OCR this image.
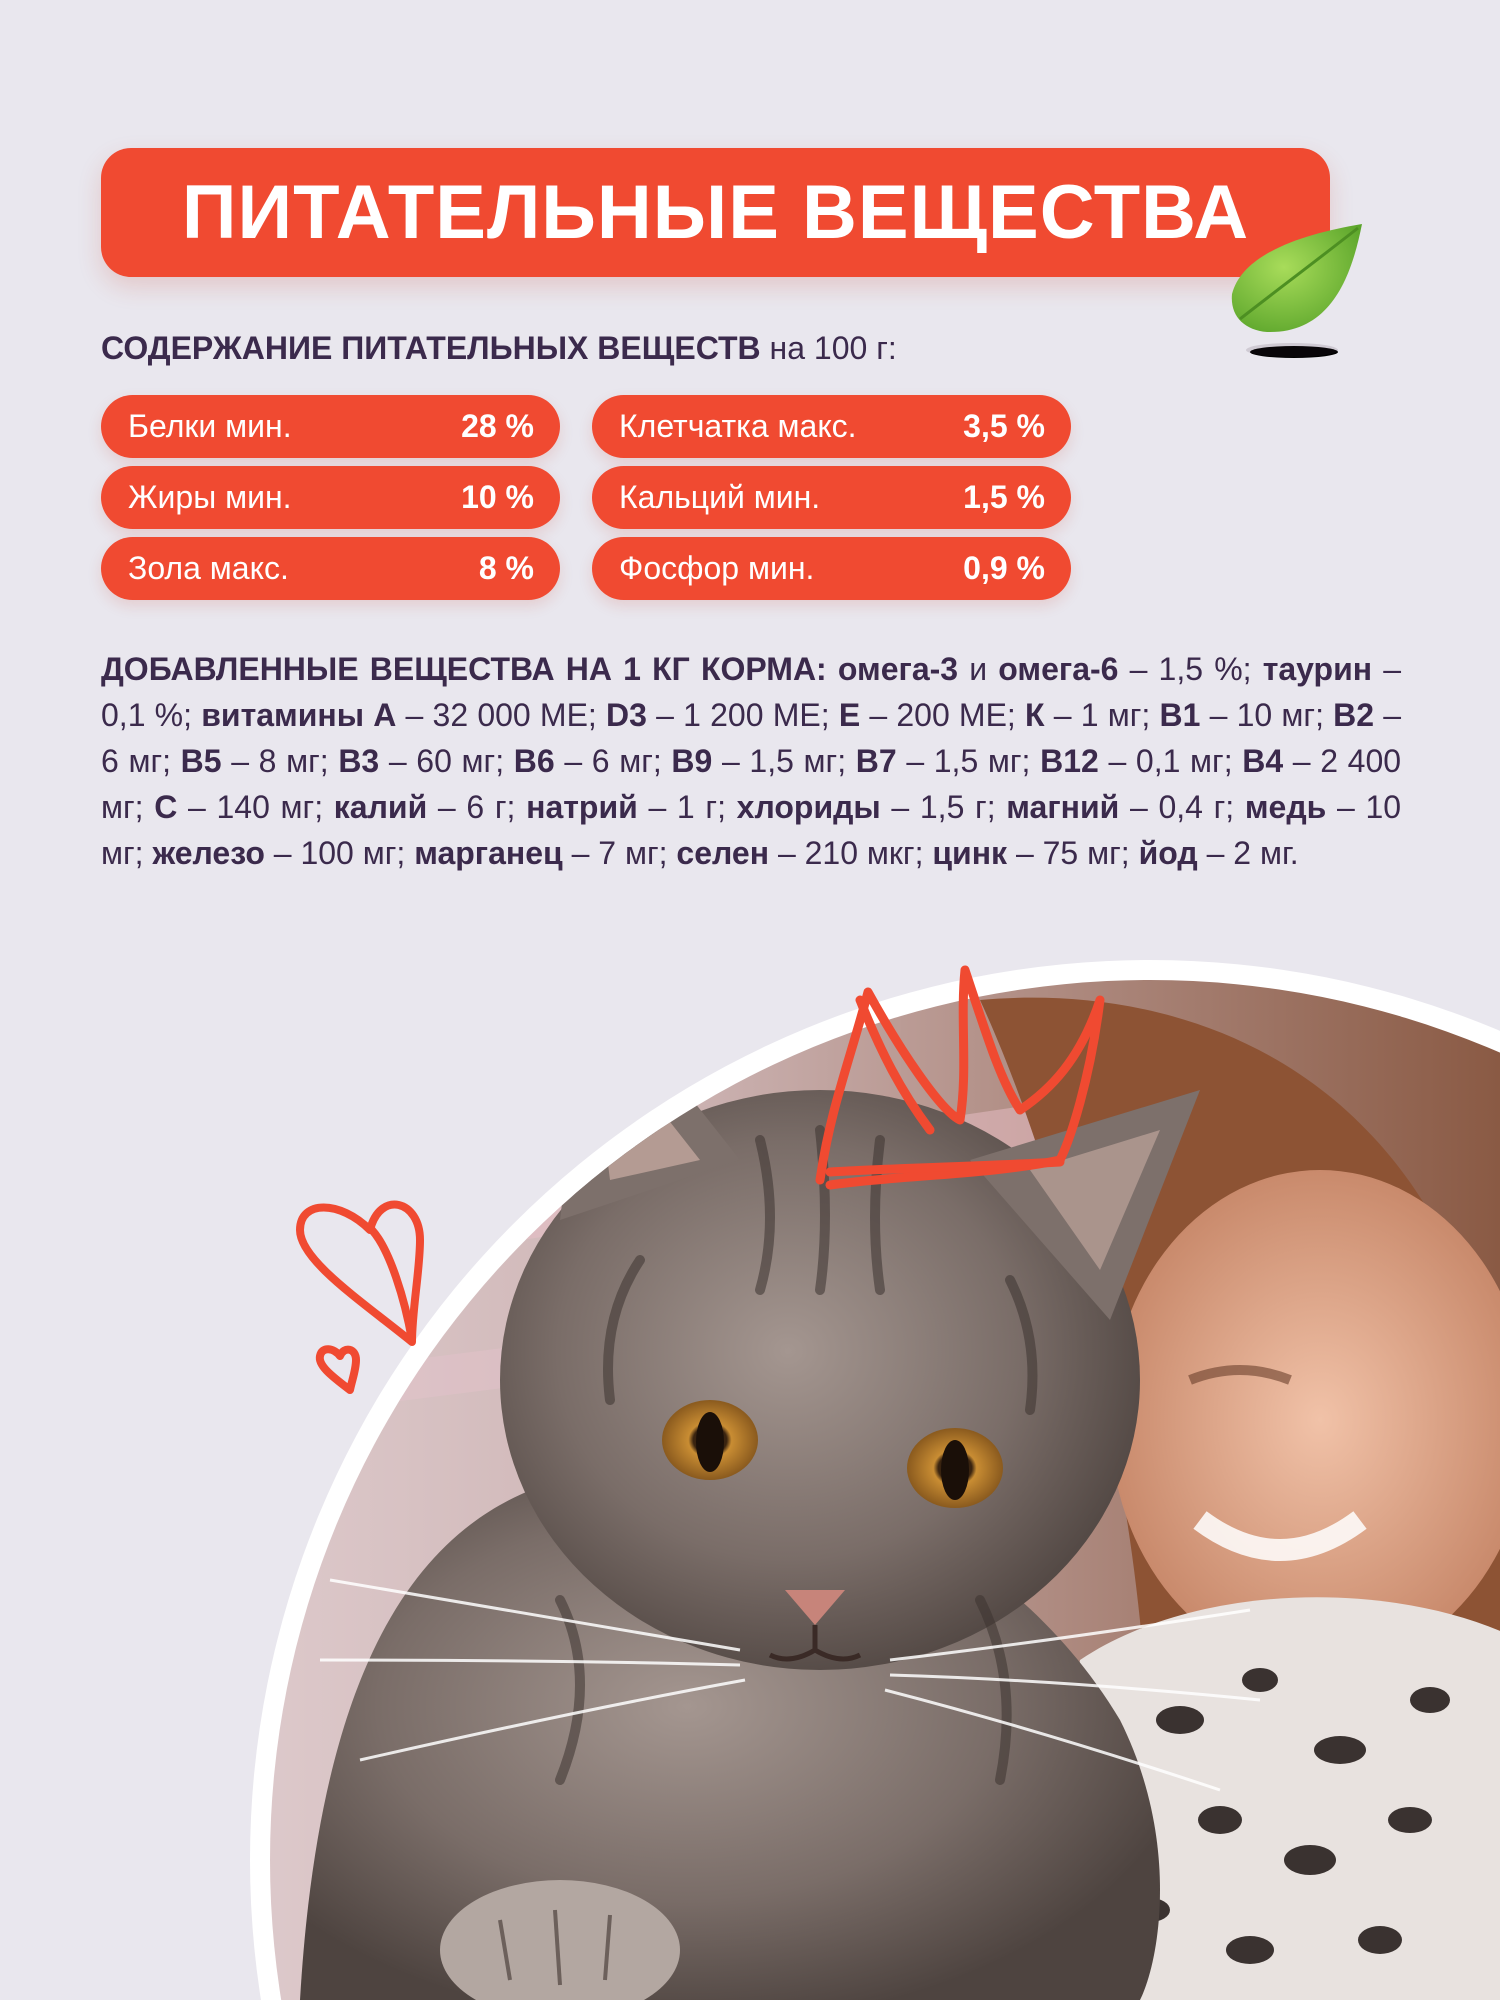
ПИТАТЕЛЬНЫЕ ВЕЩЕСТВА
СОДЕРЖАНИЕ ПИТАТЕЛЬНЫХ ВЕЩЕСТВ на 100 г:
Белки мин.	28 %
Жиры мин.	10 %
Зола макс.	8 %
Клетчатка макс.	3,5 %
Кальций мин.	1,5 %
Фосфор мин.	0,9 %
ДОБАВЛЕННЫЕ ВЕЩЕСТВА НА 1 КГ КОРМА: омега-3 и омега-6 – 1,5 %; таурин – 0,1 %; витамины А – 32 000 МЕ; D3 – 1 200 МЕ; Е – 200 МЕ; К – 1 мг; В1 – 10 мг; В2 – 6 мг; В5 – 8 мг; В3 – 60 мг; В6 – 6 мг; В9 – 1,5 мг; В7 – 1,5 мг; В12 – 0,1 мг; В4 – 2 400 мг; С – 140 мг; калий – 6 г; натрий – 1 г; хлориды – 1,5 г; магний – 0,4 г; медь – 10 мг; железо – 100 мг; марганец – 7 мг; селен – 210 мкг; цинк – 75 мг; йод – 2 мг.
